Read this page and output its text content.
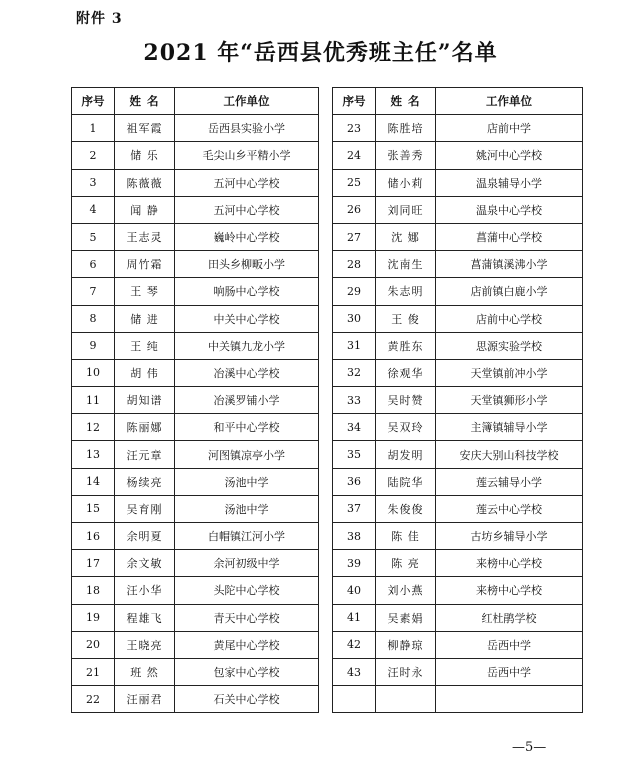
附件 3
2021 年“岳西县优秀班主任”名单
序号	姓 名	工作单位
1	祖军霞	岳西县实验小学
2	储 乐	毛尖山乡平精小学
3	陈薇薇	五河中心学校
4	闻 静	五河中心学校
5	王志灵	巍岭中心学校
6	周竹霜	田头乡柳畈小学
7	王 琴	响肠中心学校
8	储 进	中关中心学校
9	王 纯	中关镇九龙小学
10	胡 伟	冶溪中心学校
11	胡知谱	冶溪罗铺小学
12	陈丽娜	和平中心学校
13	汪元章	河图镇凉亭小学
14	杨续亮	汤池中学
15	吴育刚	汤池中学
16	余明夏	白帽镇江河小学
17	余文敏	余河初级中学
18	汪小华	头陀中心学校
19	程雄飞	青天中心学校
20	王晓亮	黄尾中心学校
21	班 然	包家中心学校
22	汪丽君	石关中心学校
序号	姓 名	工作单位
23	陈胜培	店前中学
24	张善秀	姚河中心学校
25	储小莉	温泉辅导小学
26	刘同旺	温泉中心学校
27	沈 娜	菖蒲中心学校
28	沈南生	菖蒲镇溪沸小学
29	朱志明	店前镇白鹿小学
30	王 俊	店前中心学校
31	黄胜东	思源实验学校
32	徐观华	天堂镇前冲小学
33	吴时赞	天堂镇狮形小学
34	吴双玲	主簿镇辅导小学
35	胡发明	安庆大别山科技学校
36	陆院华	莲云辅导小学
37	朱俊俊	莲云中心学校
38	陈 佳	古坊乡辅导小学
39	陈 亮	来榜中心学校
40	刘小燕	来榜中心学校
41	吴素娟	红杜鹃学校
42	柳静琼	岳西中学
43	汪时永	岳西中学

—5—
